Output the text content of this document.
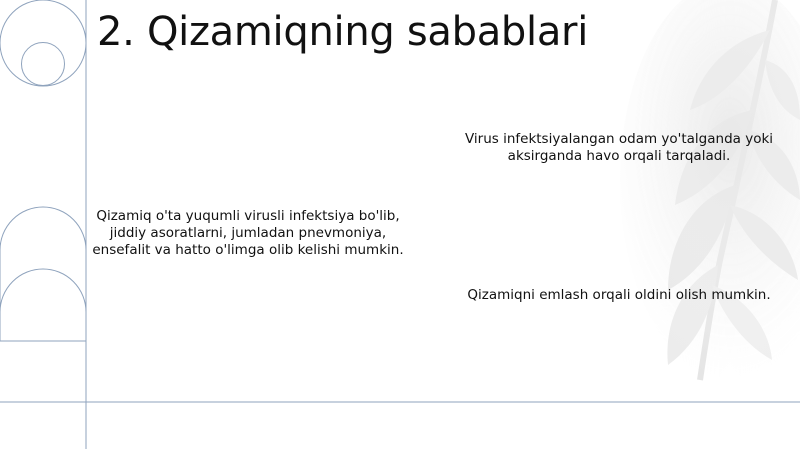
2. Qizamiqning sabablari
Qizamiq o'ta yuqumli virusli infektsiya bo'lib, jiddiy asoratlarni, jumladan pnevmoniya, ensefalit va hatto o'limga olib kelishi mumkin.
Virus infektsiyalangan odam yo'talganda yoki aksirganda havo orqali tarqaladi.
Qizamiqni emlash orqali oldini olish mumkin.
